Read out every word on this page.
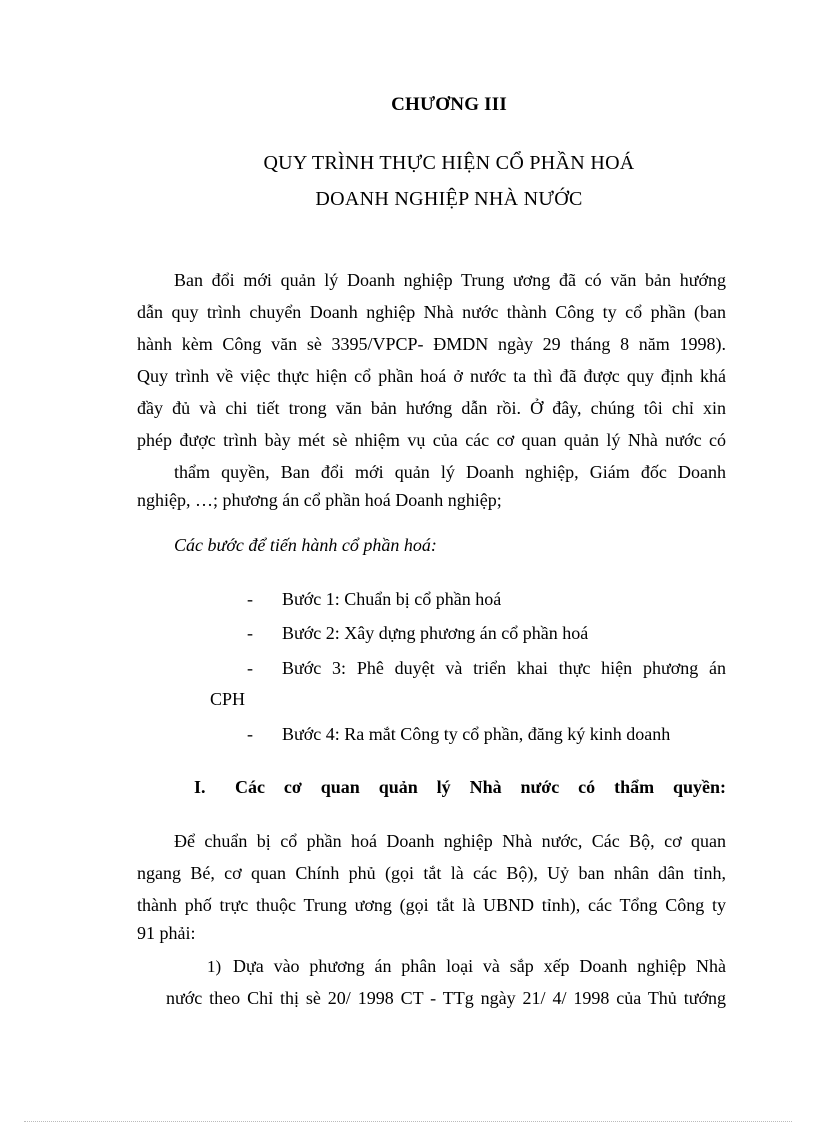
CHƯƠNG III
QUY TRÌNH THỰC HIỆN CỔ PHẦN HOÁ
DOANH NGHIỆP NHÀ NƯỚC
Ban đổi mới quản lý Doanh nghiệp Trung ương đã có văn bản hướng
dẫn quy trình chuyển Doanh nghiệp Nhà nước thành Công ty cổ phần (ban
hành kèm Công văn sè 3395/VPCP- ĐMDN ngày 29 tháng 8 năm 1998).
Quy trình về việc thực hiện cổ phần hoá ở nước ta thì đã được quy định khá
đầy đủ và chi tiết trong văn bản hướng dẫn rồi. Ở đây, chúng tôi chỉ xin
phép được trình bày mét sè nhiệm vụ của các cơ quan quản lý Nhà nước có
thẩm quyền, Ban đổi mới quản lý Doanh nghiệp, Giám đốc Doanh
nghiệp, …; phương án cổ phần hoá Doanh nghiệp;
Các bước để tiến hành cổ phần hoá:
- Bước 1: Chuẩn bị cổ phần hoá
- Bước 2: Xây dựng phương án cổ phần hoá
- Bước 3: Phê duyệt và triển khai thực hiện phương án
CPH
- Bước 4: Ra mắt Công ty cổ phần, đăng ký kinh doanh
I. Các cơ quan quản lý Nhà nước có thẩm quyền:
Để chuẩn bị cổ phần hoá Doanh nghiệp Nhà nước, Các Bộ, cơ quan
ngang Bé, cơ quan Chính phủ (gọi tắt là các Bộ), Uỷ ban nhân dân tỉnh,
thành phố trực thuộc Trung ương (gọi tắt là UBND tỉnh), các Tổng Công ty
91 phải:
1) Dựa vào phương án phân loại và sắp xếp Doanh nghiệp Nhà
nước theo Chỉ thị sè 20/ 1998 CT - TTg ngày 21/ 4/ 1998 của Thủ tướng
